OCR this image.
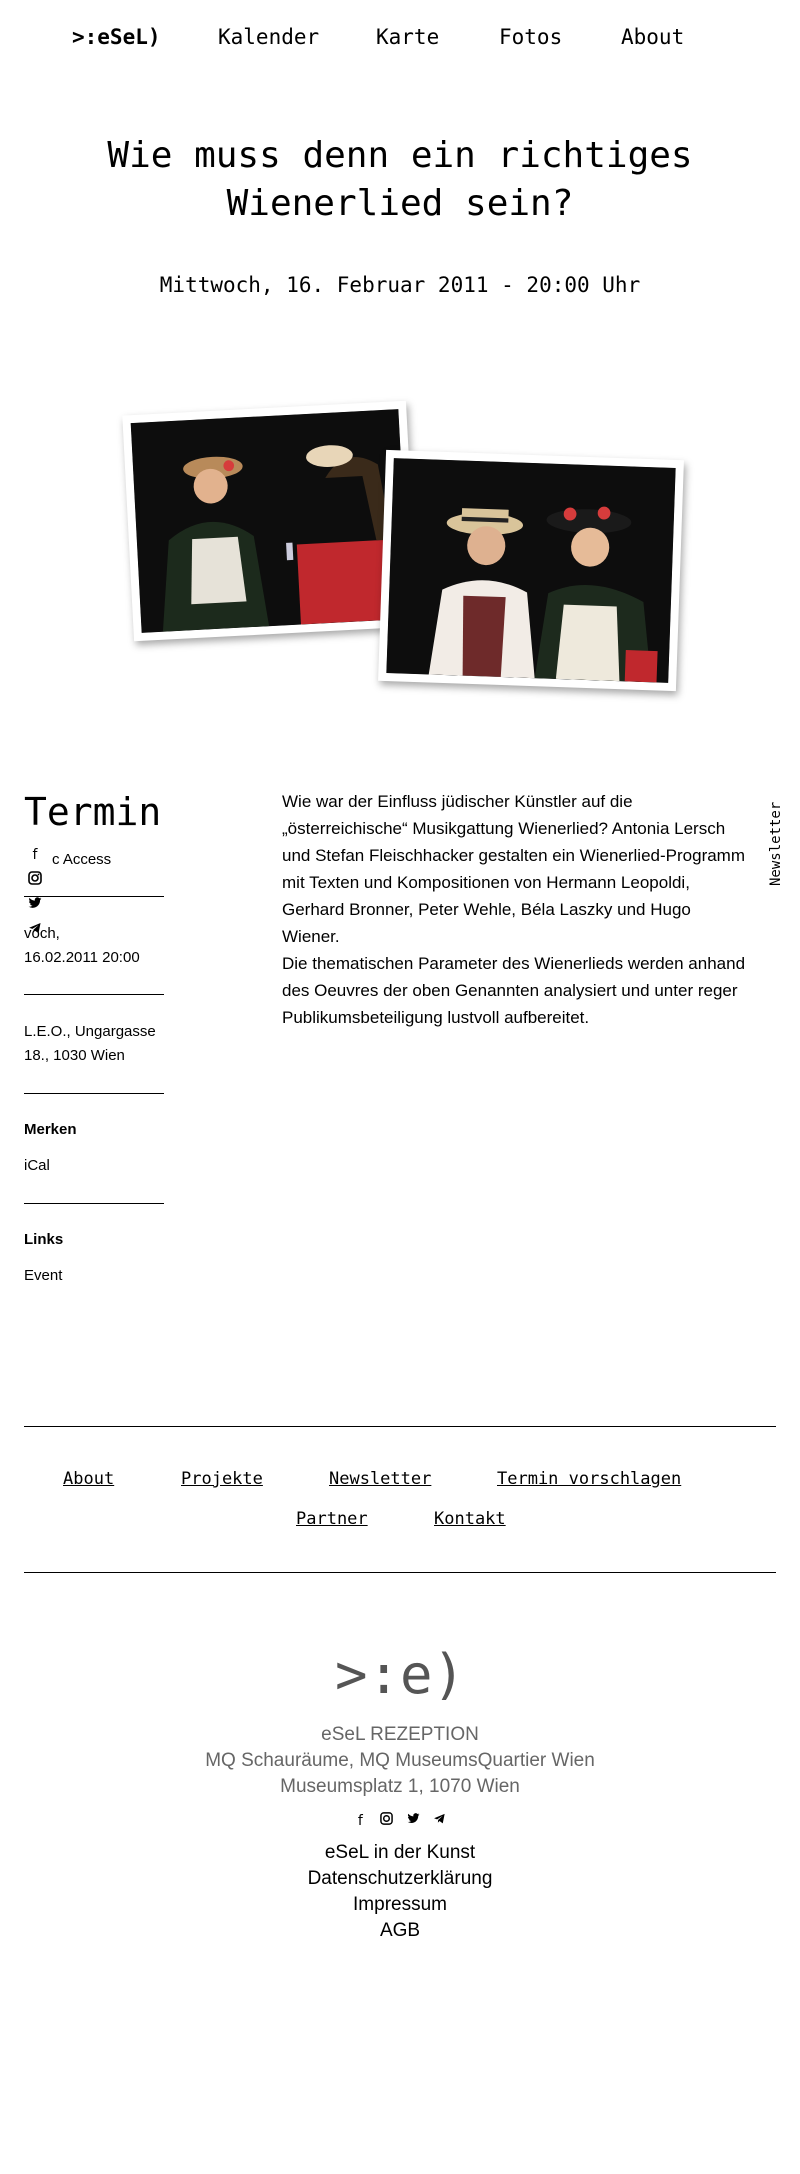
>:eSeL)	Kalender	Karte	Fotos	About
Wie muss denn ein richtiges Wienerlied sein?
Mittwoch, 16. Februar 2011 - 20:00 Uhr
Termin
f c Access
voch,
16.02.2011 20:00
L.E.O., Ungargasse 18., 1030 Wien
Merken
iCal
Links
Event
Wie war der Einfluss jüdischer Künstler auf die „österreichische“ Musikgattung Wienerlied? Antonia Lersch und Stefan Fleischhacker gestalten ein Wienerlied-Programm mit Texten und Kompositionen von Hermann Leopoldi, Gerhard Bronner, Peter Wehle, Béla Laszky und Hugo Wiener.
Die thematischen Parameter des Wienerlieds werden anhand des Oeuvres der oben Genannten analysiert und unter reger Publikumsbeteiligung lustvoll aufbereitet.
Newsletter
About	Projekte	Newsletter	Termin vorschlagen
Partner	Kontakt
>:e)
eSeL REZEPTION
MQ Schauräume, MQ MuseumsQuartier Wien
Museumsplatz 1, 1070 Wien
f
eSeL in der Kunst
Datenschutzerklärung
Impressum
AGB
